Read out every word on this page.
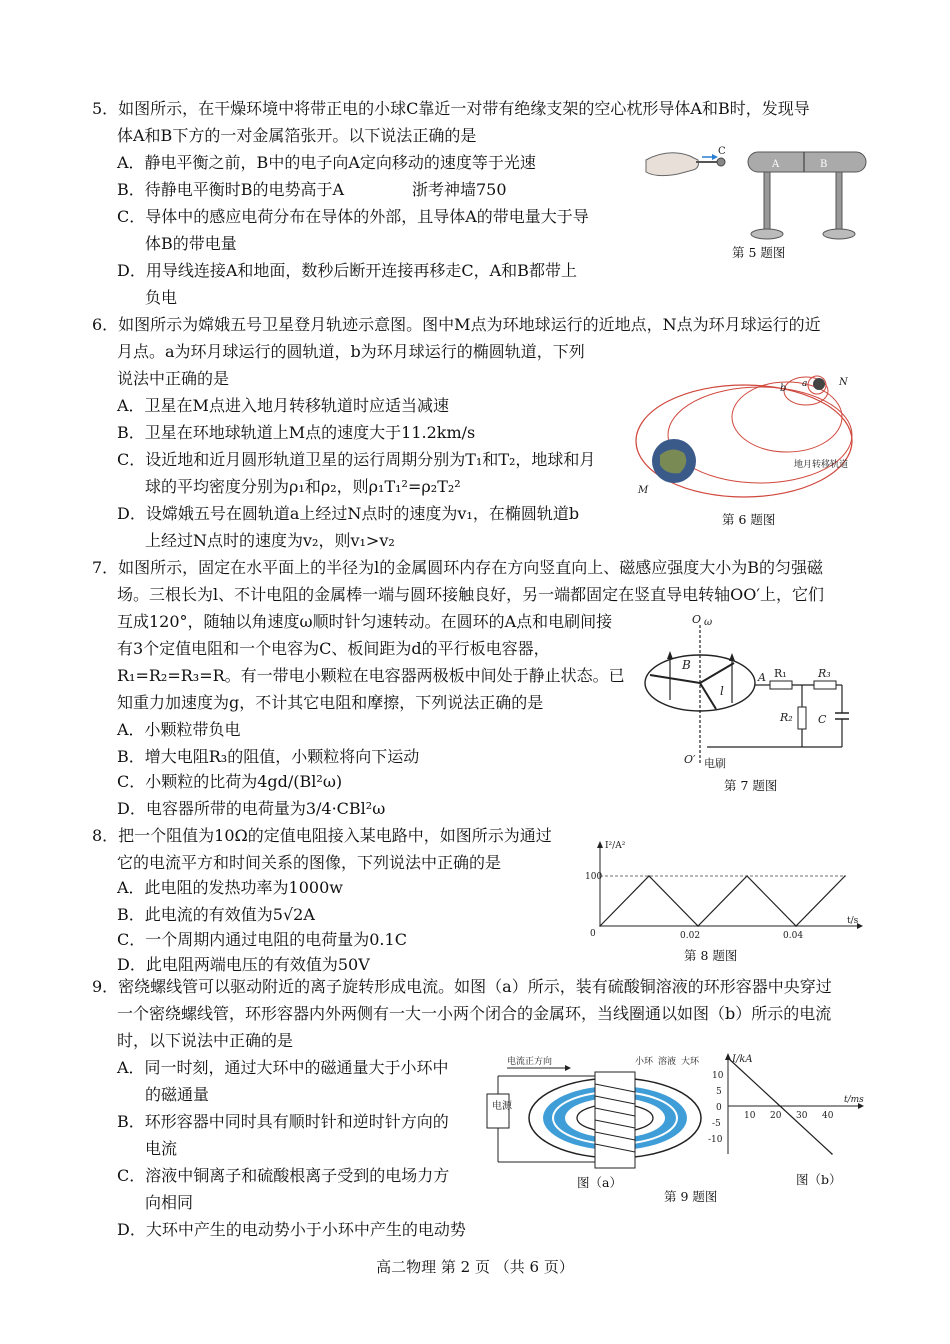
5．如图所示，在干燥环境中将带正电的小球C靠近一对带有绝缘支架的空心枕形导体A和B时，发现导
体A和B下方的一对金属箔张开。以下说法正确的是
A．静电平衡之前，B中的电子向A定向移动的速度等于光速
B．待静电平衡时B的电势高于A	浙考神墙750
C．导体中的感应电荷分布在导体的外部，且导体A的带电量大于导
体B的带电量
D．用导线连接A和地面，数秒后断开连接再移走C，A和B都带上
负电
C
A	B
第 5 题图
6．如图所示为嫦娥五号卫星登月轨迹示意图。图中M点为环地球运行的近地点，N点为环月球运行的近
月点。a为环月球运行的圆轨道，b为环月球运行的椭圆轨道，下列
说法中正确的是
A．卫星在M点进入地月转移轨道时应适当减速
B．卫星在环地球轨道上M点的速度大于11.2km/s
C．设近地和近月圆形轨道卫星的运行周期分别为T₁和T₂，地球和月
球的平均密度分别为ρ₁和ρ₂，则ρ₁T₁²=ρ₂T₂²
D．设嫦娥五号在圆轨道a上经过N点时的速度为v₁，在椭圆轨道b
上经过N点时的速度为v₂，则v₁>v₂
b a	N
M
地月转移轨道
第 6 题图
7．如图所示，固定在水平面上的半径为l的金属圆环内存在方向竖直向上、磁感应强度大小为B的匀强磁
场。三根长为l、不计电阻的金属棒一端与圆环接触良好，另一端都固定在竖直导电转轴OO′上，它们
互成120°，随轴以角速度ω顺时针匀速转动。在圆环的A点和电刷间接
有3个定值电阻和一个电容为C、板间距为d的平行板电容器，
R₁=R₂=R₃=R。有一带电小颗粒在电容器两极板中间处于静止状态。已
知重力加速度为g，不计其它电阻和摩擦，下列说法正确的是
A．小颗粒带负电
B．增大电阻R₃的阻值，小颗粒将向下运动
C．小颗粒的比荷为4gd/(Bl²ω)
D．电容器所带的电荷量为3/4·CBl²ω
O ω
B
l
A R₁	R₃
R₂ C
O′ 电刷
第 7 题图
8．把一个阻值为10Ω的定值电阻接入某电路中，如图所示为通过
它的电流平方和时间关系的图像，下列说法中正确的是
A．此电阻的发热功率为1000w
B．此电流的有效值为5√2A
C．一个周期内通过电阻的电荷量为0.1C
D．此电阻两端电压的有效值为50V
I²/A²
t/s
100
0	0.02	0.04
第 8 题图
9．密绕螺线管可以驱动附近的离子旋转形成电流。如图（a）所示，装有硫酸铜溶液的环形容器中央穿过
一个密绕螺线管，环形容器内外两侧有一大一小两个闭合的金属环，当线圈通以如图（b）所示的电流
时，以下说法中正确的是
A．同一时刻，通过大环中的磁通量大于小环中
的磁通量
B．环形容器中同时具有顺时针和逆时针方向的
电流
C．溶液中铜离子和硫酸根离子受到的电场力方
向相同
D．大环中产生的电动势小于小环中产生的电动势
电流正方向	小环 溶液 大环
电源
图（a）
I/kA
t/ms
10
5
0
-5
-10
10 20 30 40
图（b）
第 9 题图
高二物理 第 2 页 （共 6 页）
